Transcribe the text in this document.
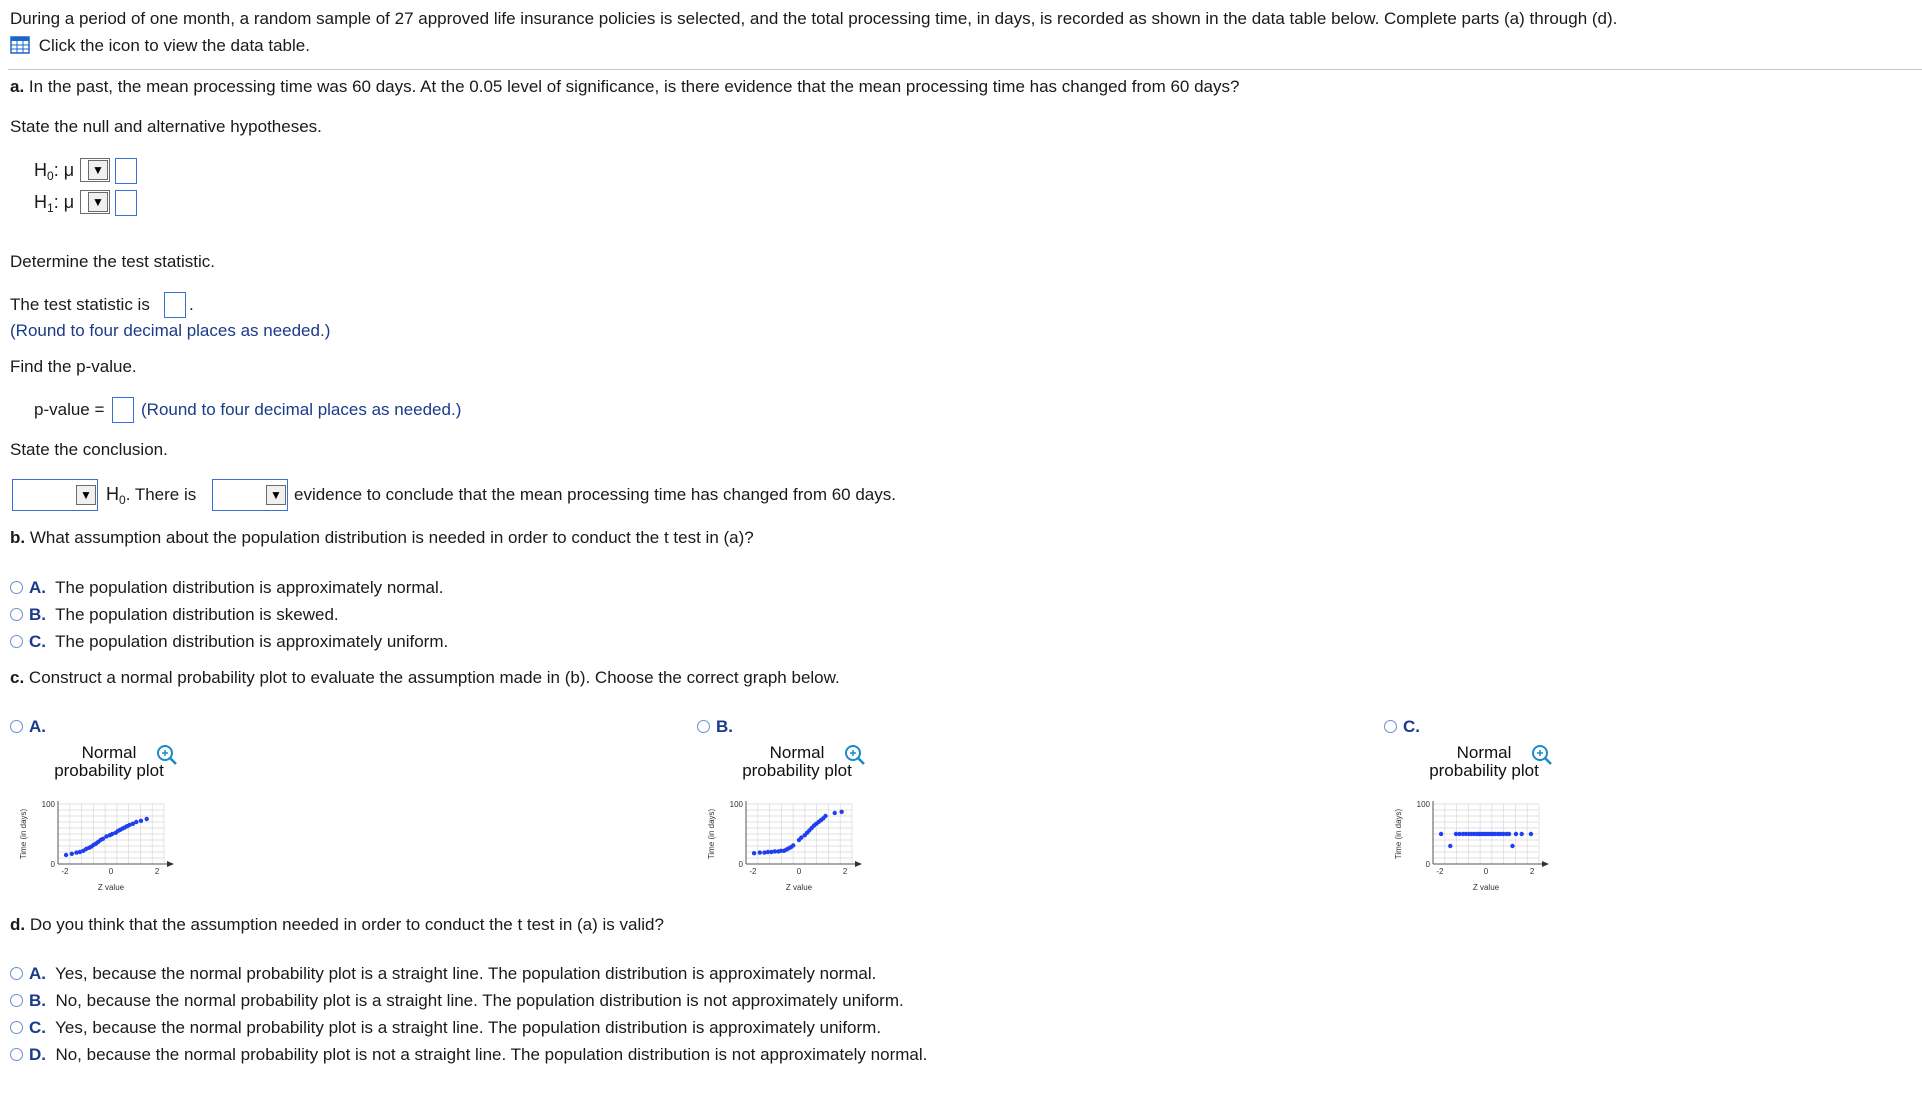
During a period of one month, a random sample of 27 approved life insurance policies is selected, and the total processing time, in days, is recorded as shown in the data table below. Complete parts (a) through (d).
Click the icon to view the data table.
a. In the past, the mean processing time was 60 days. At the 0.05 level of significance, is there evidence that the mean processing time has changed from 60 days?
State the null and alternative hypotheses.
$H_0$: μ	▼
$H_1$: μ	▼
Determine the test statistic.
The test statistic is .
(Round to four decimal places as needed.)
Find the p-value.
p-value = (Round to four decimal places as needed.)
State the conclusion.
▼ $H_0$. There is	▼ evidence to conclude that the mean processing time has changed from 60 days.
b. What assumption about the population distribution is needed in order to conduct the t test in (a)?
A. The population distribution is approximately normal.
B. The population distribution is skewed.
C. The population distribution is approximately uniform.
c. Construct a normal probability plot to evaluate the assumption made in (b). Choose the correct graph below.
A.	B.	C.
Normal probability plot
0
100
-2	0	2
Z value
Time (in days)
Normal probability plot
0
100
-2	0	2
Z value
Time (in days)
Normal probability plot
0
100
-2	0	2
Z value
Time (in days)
d. Do you think that the assumption needed in order to conduct the t test in (a) is valid?
A. Yes, because the normal probability plot is a straight line. The population distribution is approximately normal.
B. No, because the normal probability plot is a straight line. The population distribution is not approximately uniform.
C. Yes, because the normal probability plot is a straight line. The population distribution is approximately uniform.
D. No, because the normal probability plot is not a straight line. The population distribution is not approximately normal.
